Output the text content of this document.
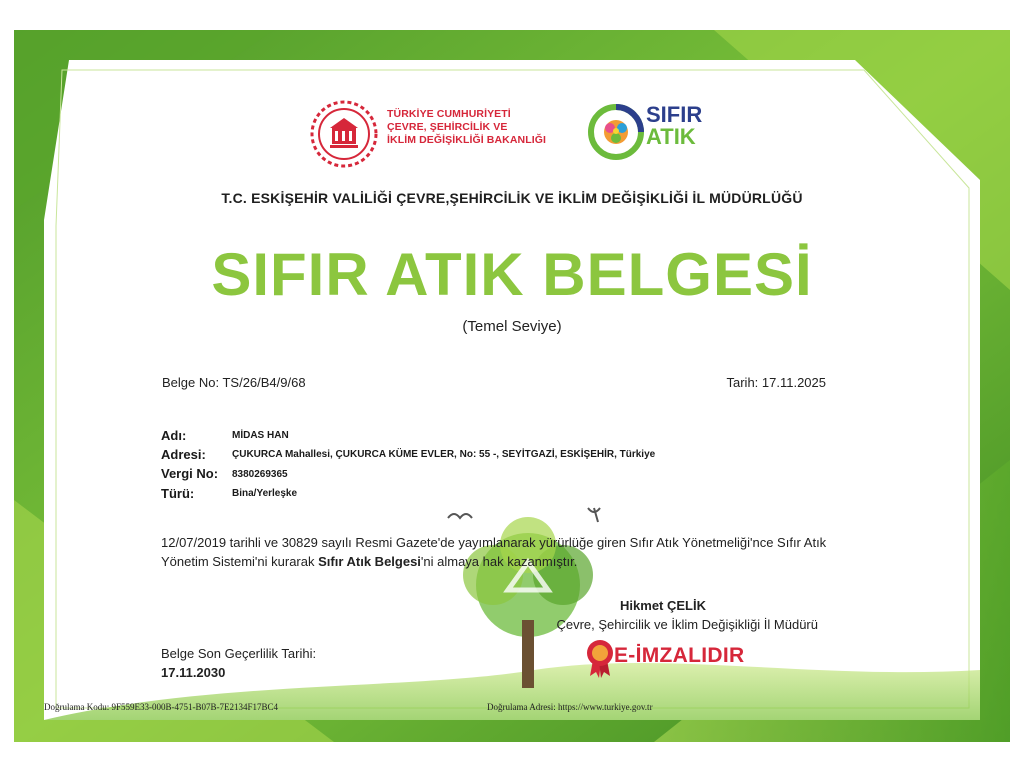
TÜRKİYE CUMHURİYETİ
ÇEVRE, ŞEHİRCİLİK VE
İKLİM DEĞİŞİKLİĞİ BAKANLIĞI
SIFIR
ATIK
T.C. ESKİŞEHİR VALİLİĞİ ÇEVRE,ŞEHİRCİLİK VE İKLİM DEĞİŞİKLİĞİ İL MÜDÜRLÜĞÜ
SIFIR ATIK BELGESİ
(Temel Seviye)
Belge No: TS/26/B4/9/68	Tarih: 17.11.2025
Adı:	MİDAS HAN
Adresi:	ÇUKURCA Mahallesi, ÇUKURCA KÜME EVLER, No: 55 -, SEYİTGAZİ, ESKİŞEHİR, Türkiye
Vergi No: 8380269365
Türü:	Bina/Yerleşke
12/07/2019 tarihli ve 30829 sayılı Resmi Gazete'de yayımlanarak yürürlüğe giren Sıfır Atık Yönetmeliği'nce Sıfır Atık Yönetim Sistemi'ni kurarak Sıfır Atık Belgesi'ni almaya hak kazanmıştır.
Hikmet ÇELİK
Çevre, Şehircilik ve İklim Değişikliği İl Müdürü
Belge Son Geçerlilik Tarihi:
17.11.2030
E-İMZALIDIR
Doğrulama Kodu: 9F559E33-000B-4751-B07B-7E2134F17BC4	Doğrulama Adresi: https://www.turkiye.gov.tr
